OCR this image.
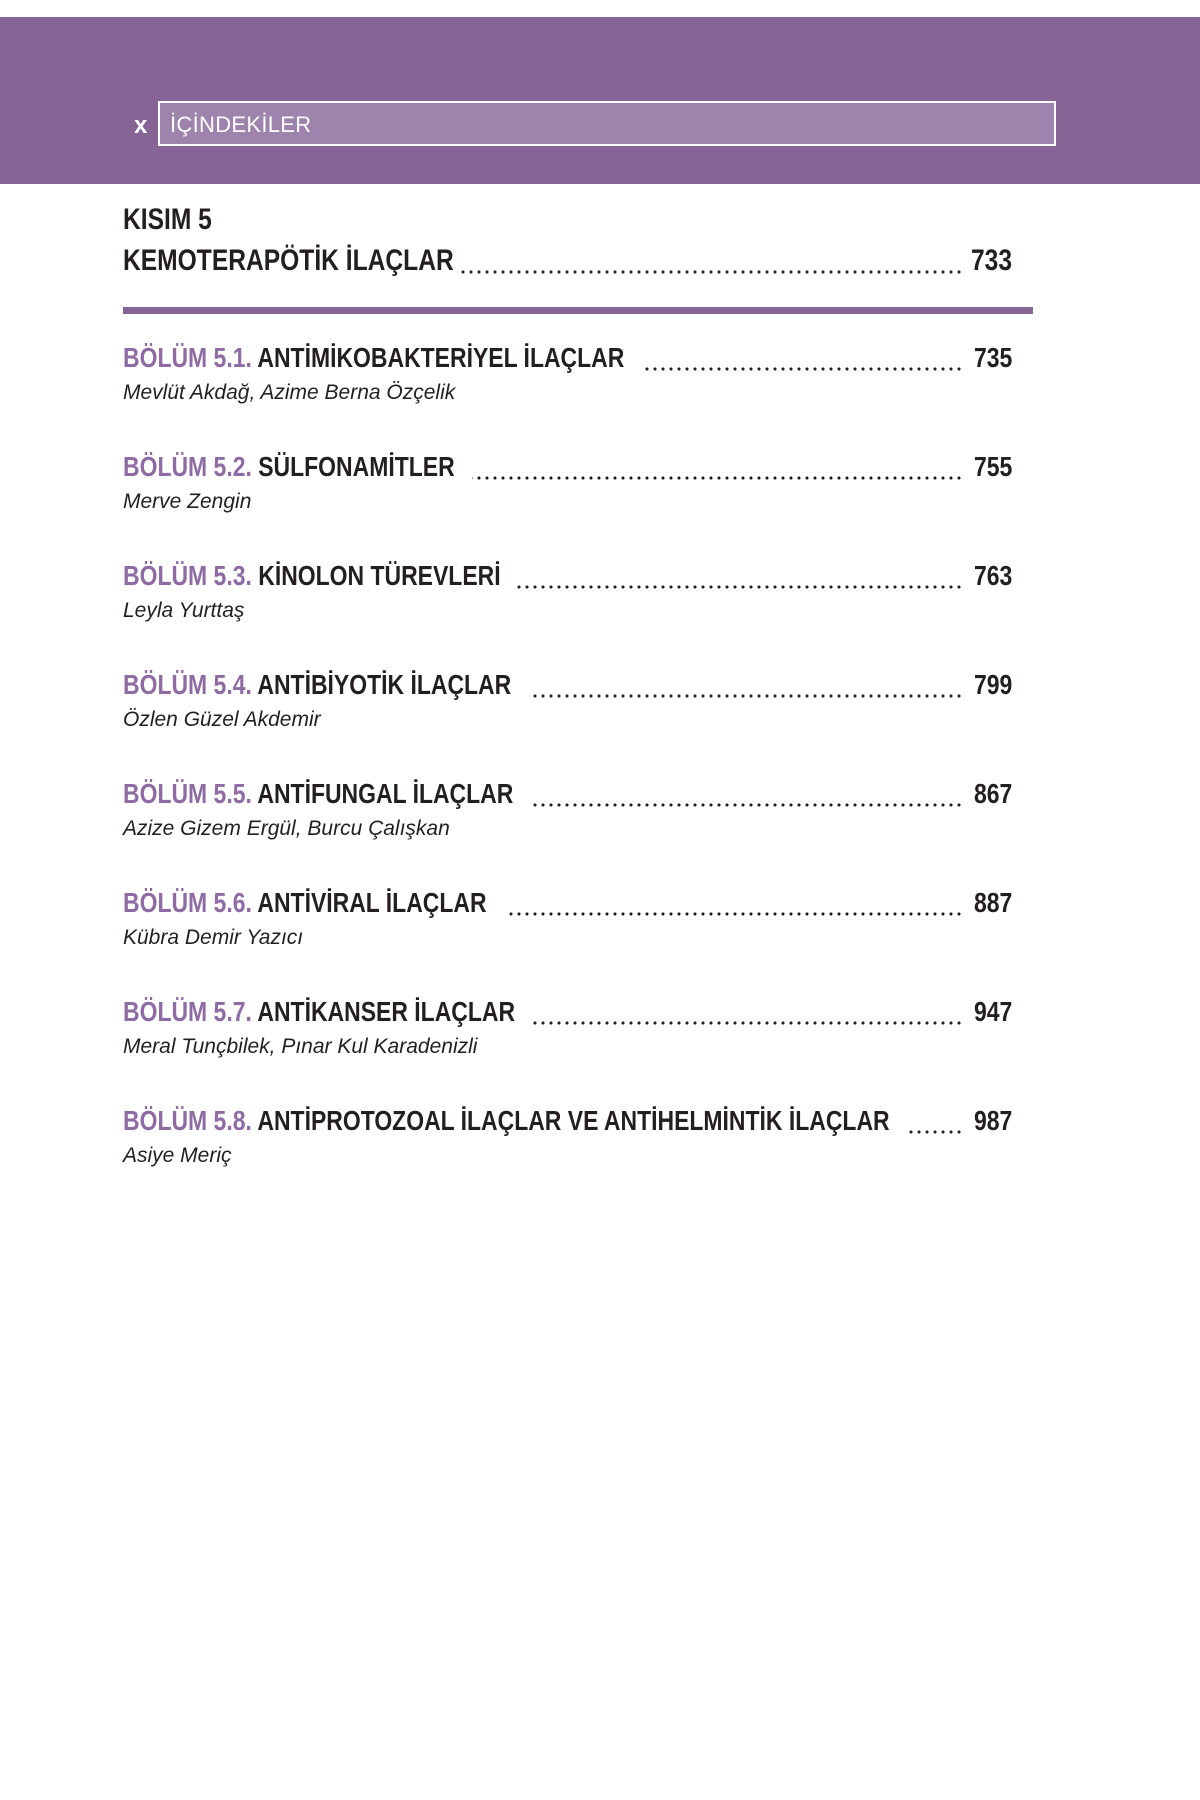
x İÇİNDEKİLER
KISIM 5
KEMOTERAPÖTİK İLAÇLAR	733
BÖLÜM 5.1. ANTİMİKOBAKTERİYEL İLAÇLAR	735
Mevlüt Akdağ, Azime Berna Özçelik
BÖLÜM 5.2. SÜLFONAMİTLER	755
Merve Zengin
BÖLÜM 5.3. KİNOLON TÜREVLERİ	763
Leyla Yurttaş
BÖLÜM 5.4. ANTİBİYOTİK İLAÇLAR	799
Özlen Güzel Akdemir
BÖLÜM 5.5. ANTİFUNGAL İLAÇLAR	867
Azize Gizem Ergül, Burcu Çalışkan
BÖLÜM 5.6. ANTİVİRAL İLAÇLAR	887
Kübra Demir Yazıcı
BÖLÜM 5.7. ANTİKANSER İLAÇLAR	947
Meral Tunçbilek, Pınar Kul Karadenizli
BÖLÜM 5.8. ANTİPROTOZOAL İLAÇLAR VE ANTİHELMİNTİK İLAÇLAR	987
Asiye Meriç
